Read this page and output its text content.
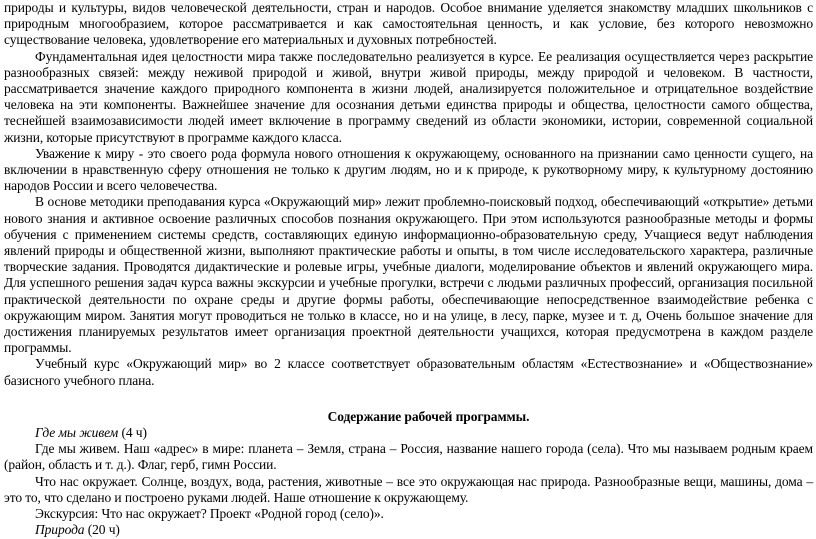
природы и культуры, видов человеческой деятельности, стран и народов. Особое внимание уделяется знакомству младших школьников с природным многообразием, которое рассматривается и как самостоятельная ценность, и как условие, без которого невозможно существование человека, удовлетворение его материальных и духовных потребностей.

Фундаментальная идея целостности мира также последовательно реализуется в курсе. Ее реализация осуществляется через раскрытие разнообразных связей: между неживой природой и живой, внутри живой природы, между природой и человеком. В частности, рассматривается значение каждого природного компонента в жизни людей, анализируется положительное и отрицательное воздействие человека на эти компоненты. Важнейшее значение для осознания детьми единства природы и общества, целостности самого общества, теснейшей взаимозависимости людей имеет включение в программу сведений из области экономики, истории, современной социальной жизни, которые присутствуют в программе каждого класса.

Уважение к миру - это своего рода формула нового отношения к окружающему, основанного на признании само ценности сущего, на включении в нравственную сферу отношения не только к другим людям, но и к природе, к рукотворному миру, к культурному достоянию народов России и всего человечества.

В основе методики преподавания курса «Окружающий мир» лежит проблемно-поисковый подход, обеспечивающий «открытие» детьми нового знания и активное освоение различных способов познания окружающего. При этом используются разнообразные методы и формы обучения с применением системы средств, составляющих единую информационно-образовательную среду, Учащиеся ведут наблюдения явлений природы и общественной жизни, выполняют практические работы и опыты, в том числе исследовательского характера, различные творческие задания. Проводятся дидактические и ролевые игры, учебные диалоги, моделирование объектов и явлений окружающего мира. Для успешного решения задач курса важны экскурсии и учебные прогулки, встречи с людьми различных профессий, организация посильной практической деятельности по охране среды и другие формы работы, обеспечивающие непосредственное взаимодействие ребенка с окружающим миром. Занятия могут проводиться не только в классе, но и на улице, в лесу, парке, музее и т. д, Очень большое значение для достижения планируемых результатов имеет организация проектной деятельности учащихся, которая предусмотрена в каждом разделе программы.

Учебный курс «Окружающий мир» во 2 классе соответствует образовательным областям «Естествознание» и «Обществознание» базисного учебного плана.

Содержание рабочей программы.

Где мы живем (4 ч)

Где мы живем. Наш «адрес» в мире: планета – Земля, страна – Россия, название нашего города (села). Что мы называем родным краем (район, область и т. д.). Флаг, герб, гимн России.

Что нас окружает. Солнце, воздух, вода, растения, животные – все это окружающая нас природа. Разнообразные вещи, машины, дома – это то, что сделано и построено руками людей. Наше отношение к окружающему.

Экскурсия: Что нас окружает? Проект «Родной город (село)».

Природа (20 ч)
